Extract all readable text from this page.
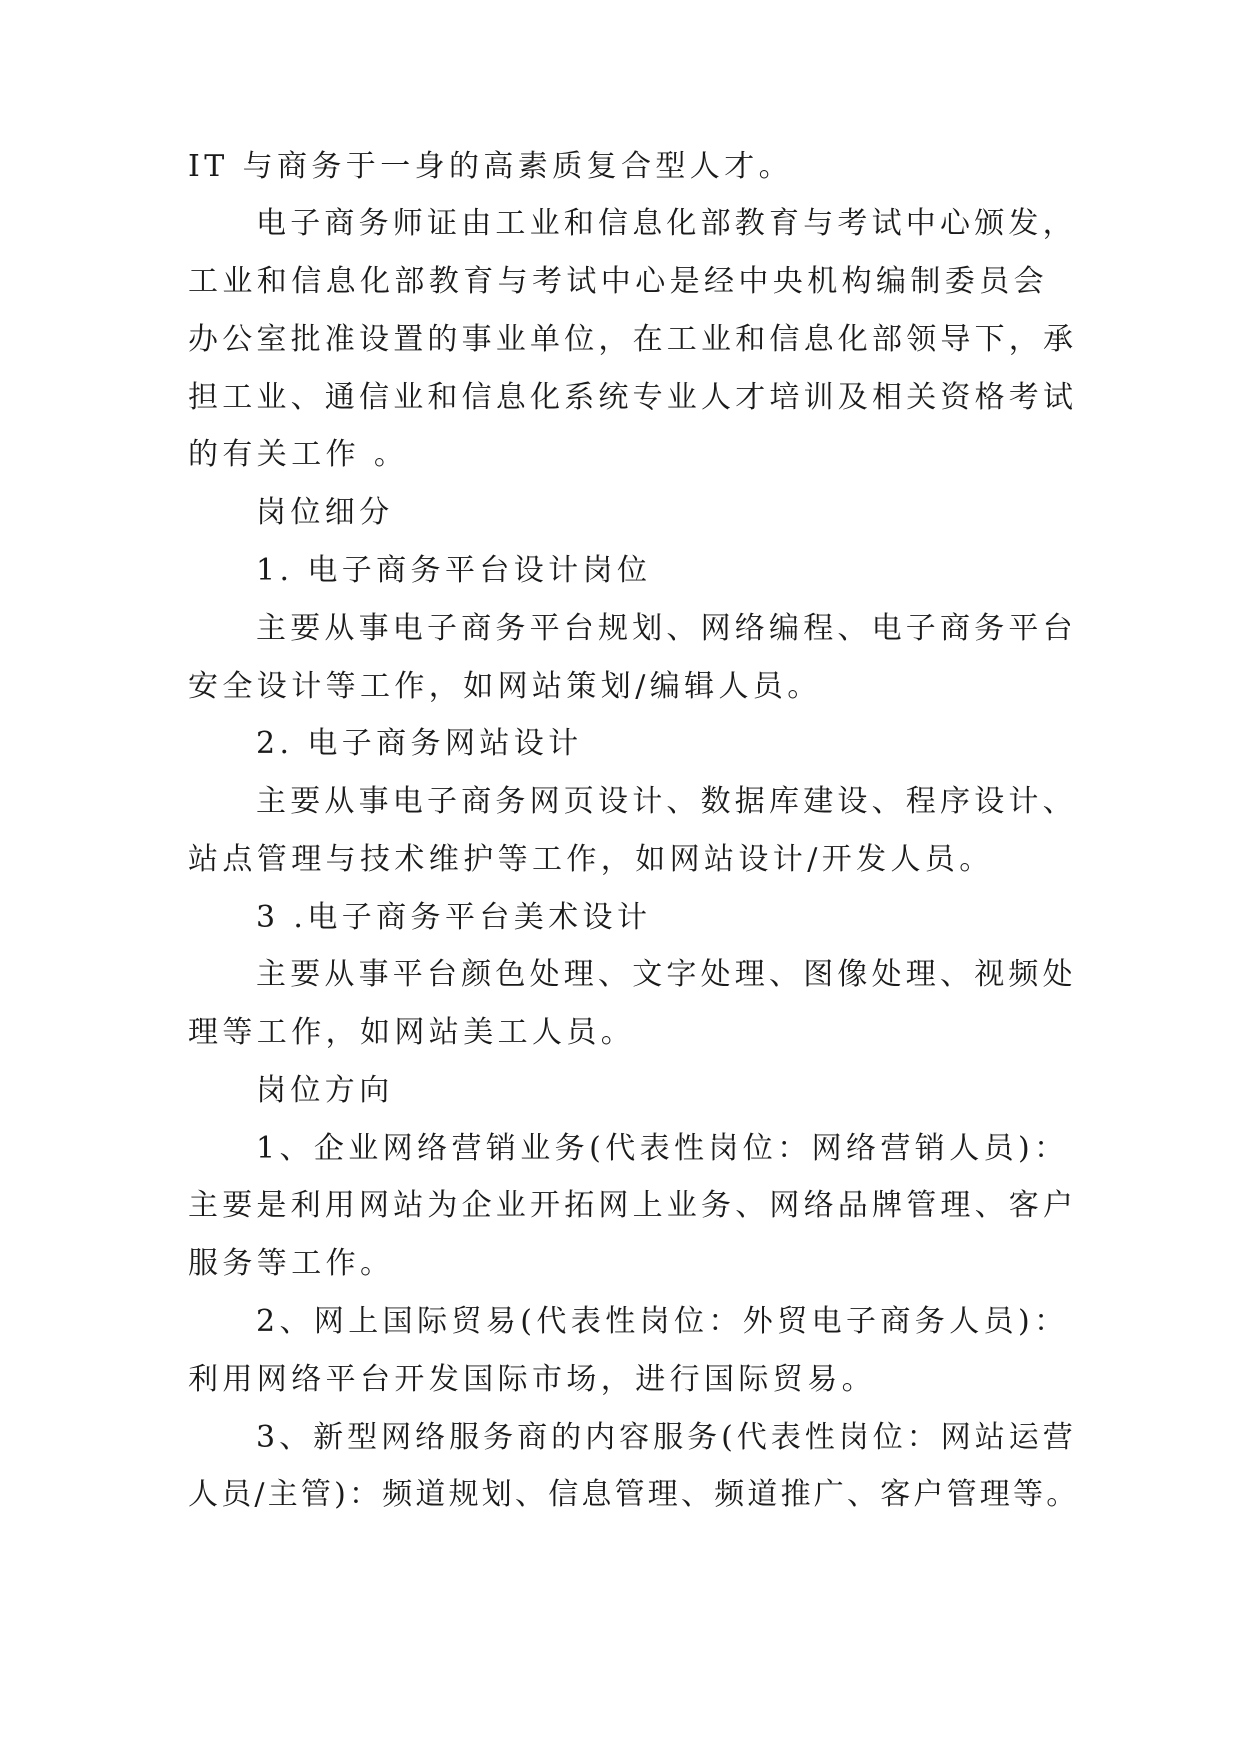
IT 与商务于一身的高素质复合型人才。

电子商务师证由工业和信息化部教育与考试中心颁发，

工业和信息化部教育与考试中心是经中央机构编制委员会

办公室批准设置的事业单位，在工业和信息化部领导下，承

担工业、通信业和信息化系统专业人才培训及相关资格考试

的有关工作 。

岗位细分

1. 电子商务平台设计岗位

主要从事电子商务平台规划、网络编程、电子商务平台

安全设计等工作，如网站策划/编辑人员。

2. 电子商务网站设计

主要从事电子商务网页设计、数据库建设、程序设计、

站点管理与技术维护等工作，如网站设计/开发人员。

3 .电子商务平台美术设计

主要从事平台颜色处理、文字处理、图像处理、视频处

理等工作，如网站美工人员。

岗位方向

1、企业网络营销业务(代表性岗位：网络营销人员)：

主要是利用网站为企业开拓网上业务、网络品牌管理、客户

服务等工作。

2、网上国际贸易(代表性岗位：外贸电子商务人员)：

利用网络平台开发国际市场，进行国际贸易。

3、新型网络服务商的内容服务(代表性岗位：网站运营

人员/主管)：频道规划、信息管理、频道推广、客户管理等。
